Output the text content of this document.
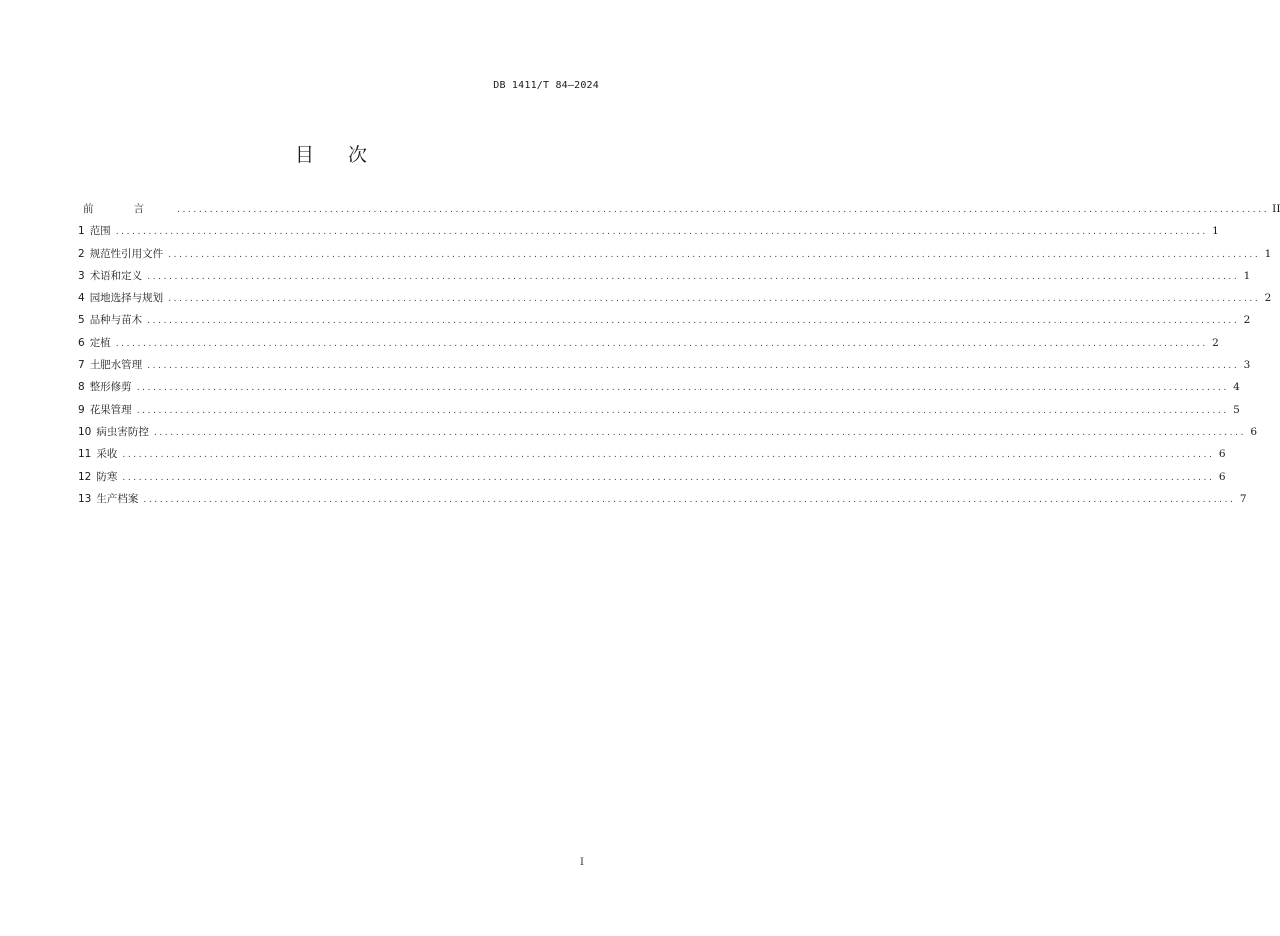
DB 1411/T 84—2024
目次
前言
........................................................................................................................................................................................................ II
1 范围 ........................................................................................................................................................................................................ 1
2 规范性引用文件 ........................................................................................................................................................................................................ 1
3 术语和定义 ........................................................................................................................................................................................................ 1
4 园地选择与规划 ........................................................................................................................................................................................................ 2
5 品种与苗木 ........................................................................................................................................................................................................ 2
6 定植 ........................................................................................................................................................................................................ 2
7 土肥水管理 ........................................................................................................................................................................................................ 3
8 整形修剪 ........................................................................................................................................................................................................ 4
9 花果管理 ........................................................................................................................................................................................................ 5
10 病虫害防控 ........................................................................................................................................................................................................ 6
11 采收 ........................................................................................................................................................................................................ 6
12 防寒 ........................................................................................................................................................................................................ 6
13 生产档案 ........................................................................................................................................................................................................ 7
I
